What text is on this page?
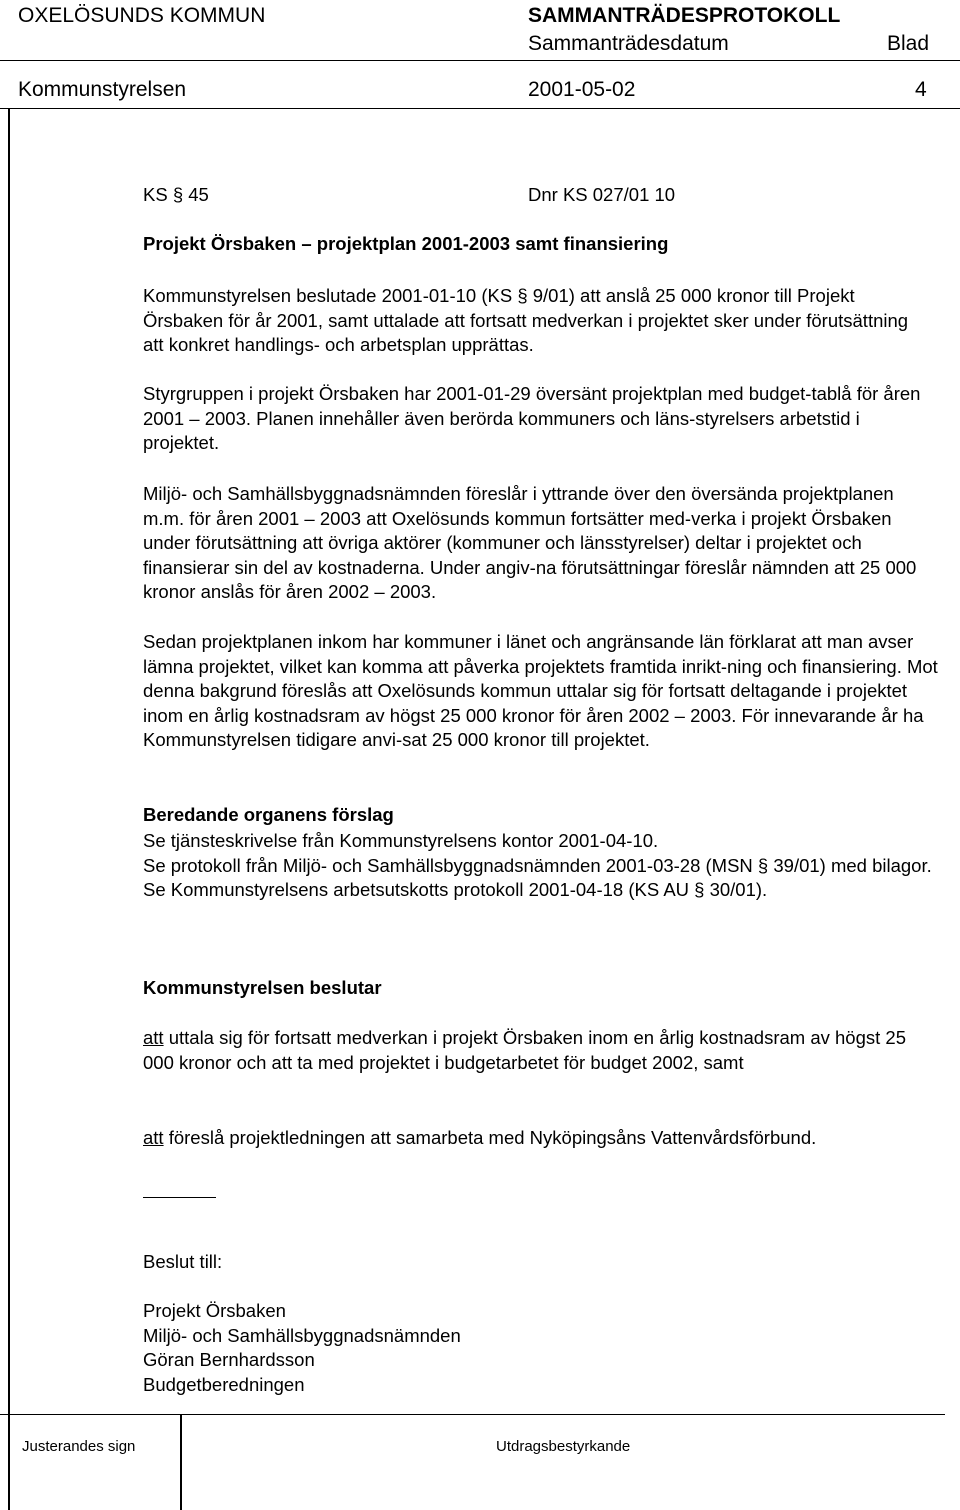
OXELÖSUNDS KOMMUN	SAMMANTRÄDESPROTOKOLL
Sammanträdesdatum	Blad
Kommunstyrelsen	2001-05-02	4
KS § 45	Dnr KS 027/01 10
Projekt Örsbaken – projektplan 2001-2003 samt finansiering

Kommunstyrelsen beslutade 2001-01-10 (KS § 9/01) att anslå 25 000 kronor till Projekt Örsbaken för år 2001, samt uttalade att fortsatt medverkan i projektet sker under förutsättning att konkret handlings- och arbetsplan upprättas.

Styrgruppen i projekt Örsbaken har 2001-01-29 översänt projektplan med budget-tablå för åren 2001 – 2003. Planen innehåller även berörda kommuners och läns-styrelsers arbetstid i projektet.

Miljö- och Samhällsbyggnadsnämnden föreslår i yttrande över den översända projektplanen m.m. för åren 2001 – 2003 att Oxelösunds kommun fortsätter med-verka i projekt Örsbaken under förutsättning att övriga aktörer (kommuner och länsstyrelser) deltar i projektet och finansierar sin del av kostnaderna. Under angiv-na förutsättningar föreslår nämnden att 25 000 kronor anslås för åren 2002 – 2003.

Sedan projektplanen inkom har kommuner i länet och angränsande län förklarat att man avser lämna projektet, vilket kan komma att påverka projektets framtida inrikt-ning och finansiering. Mot denna bakgrund föreslås att Oxelösunds kommun uttalar sig för fortsatt deltagande i projektet inom en årlig kostnadsram av högst 25 000 kronor för åren 2002 – 2003. För innevarande år ha Kommunstyrelsen tidigare anvi-sat 25 000 kronor till projektet.

Beredande organens förslag

Se tjänsteskrivelse från Kommunstyrelsens kontor 2001-04-10.

Se protokoll från Miljö- och Samhällsbyggnadsnämnden 2001-03-28 (MSN § 39/01) med bilagor.

Se Kommunstyrelsens arbetsutskotts protokoll 2001-04-18 (KS AU § 30/01).

Kommunstyrelsen beslutar

att uttala sig för fortsatt medverkan i projekt Örsbaken inom en årlig kostnadsram av högst 25 000 kronor och att ta med projektet i budgetarbetet för budget 2002, samt

att föreslå projektledningen att samarbeta med Nyköpingsåns Vattenvårdsförbund.

Beslut till:

Projekt Örsbaken

Miljö- och Samhällsbyggnadsnämnden

Göran Bernhardsson

Budgetberedningen

Justerandes sign	Utdragsbestyrkande
